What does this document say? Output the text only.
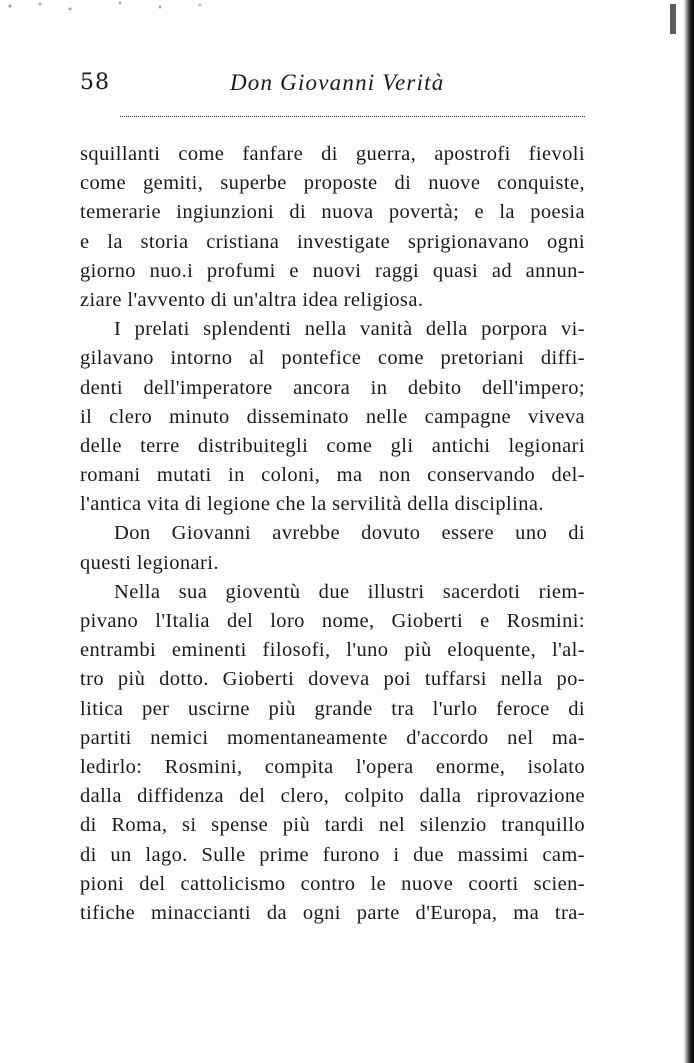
58	Don Giovanni Verità
squillanti come fanfare di guerra, apostrofi fievoli
come gemiti, superbe proposte di nuove conquiste,
temerarie ingiunzioni di nuova povertà; e la poesia
e la storia cristiana investigate sprigionavano ogni
giorno nuo.i profumi e nuovi raggi quasi ad annun-
ziare l'avvento di un'altra idea religiosa.
I prelati splendenti nella vanità della porpora vi-
gilavano intorno al pontefice come pretoriani diffi-
denti dell'imperatore ancora in debito dell'impero;
il clero minuto disseminato nelle campagne viveva
delle terre distribuitegli come gli antichi legionari
romani mutati in coloni, ma non conservando del-
l'antica vita di legione che la servilità della disciplina.
Don Giovanni avrebbe dovuto essere uno di
questi legionari.
Nella sua gioventù due illustri sacerdoti riem-
pivano l'Italia del loro nome, Gioberti e Rosmini:
entrambi eminenti filosofi, l'uno più eloquente, l'al-
tro più dotto. Gioberti doveva poi tuffarsi nella po-
litica per uscirne più grande tra l'urlo feroce di
partiti nemici momentaneamente d'accordo nel ma-
ledirlo: Rosmini, compita l'opera enorme, isolato
dalla diffidenza del clero, colpito dalla riprovazione
di Roma, si spense più tardi nel silenzio tranquillo
di un lago. Sulle prime furono i due massimi cam-
pioni del cattolicismo contro le nuove coorti scien-
tifiche minaccianti da ogni parte d'Europa, ma tra-
